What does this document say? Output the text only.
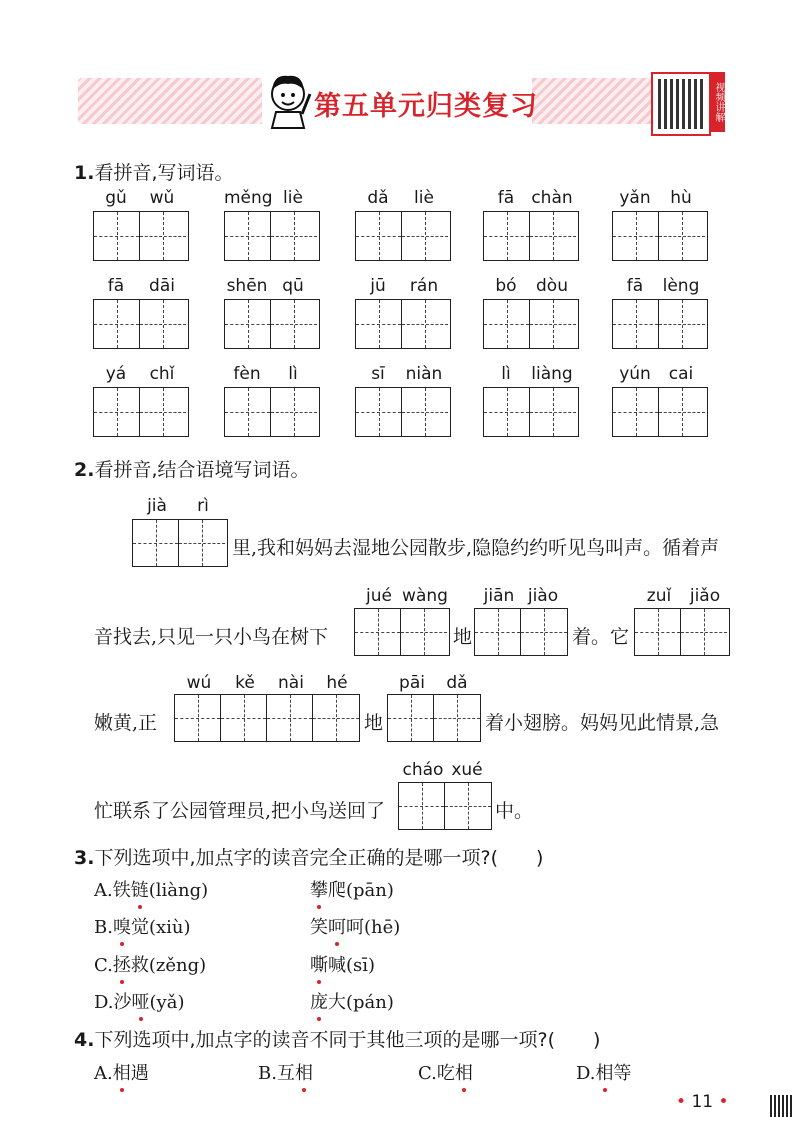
第五单元归类复习	视频讲解
1.看拼音,写词语。
gǔ	wǔ	měng liè	dǎ	liè	fā	chàn	yǎn	hù
fā	dāi	shēn qū	jū	rán	bó	dòu	fā	lèng
yá	chǐ	fèn	lì	sī	niàn	lì	liàng	yún	cai
2.看拼音,结合语境写词语。
jià	rì
里,我和妈妈去湿地公园散步,隐隐约约听见鸟叫声。循着声
音找去,只见一只小鸟在树下
jué wàng
地
jiān jiào
着。它
zuǐ	jiǎo
嫩黄,正
wú	kě	nài	hé
地
pāi	dǎ
着小翅膀。妈妈见此情景,急
忙联系了公园管理员,把小鸟送回了
cháo xué
中。
3.下列选项中,加点字的读音完全正确的是哪一项?(　　)
A.铁链(liàng)	攀爬(pān)
B.嗅觉(xiù)	笑呵呵(hē)
C.拯救(zěng)	嘶喊(sī)
D.沙哑(yǎ)	庞大(pán)
4.下列选项中,加点字的读音不同于其他三项的是哪一项?(　　)
A.相遇	B.互相	C.吃相	D.相等
• 11 •
